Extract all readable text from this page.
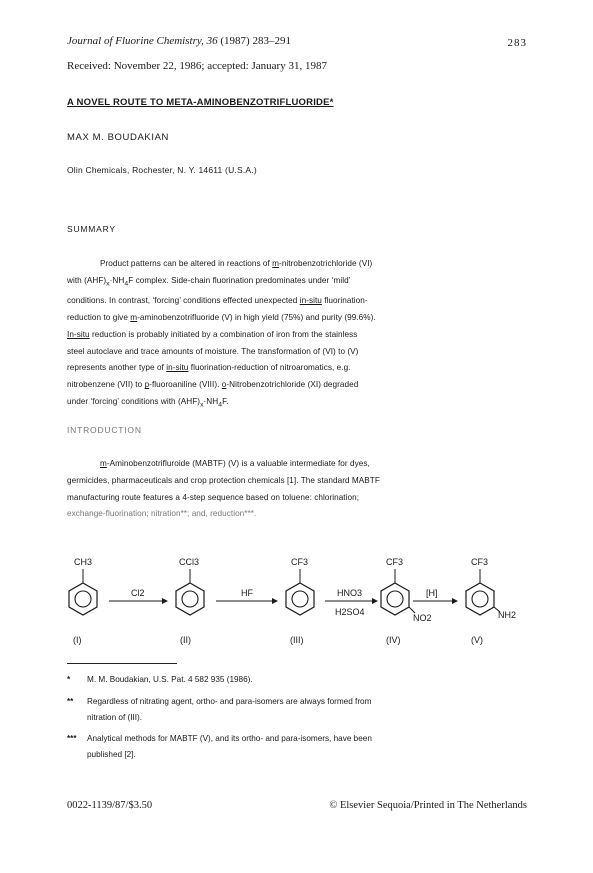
Journal of Fluorine Chemistry, 36 (1987) 283–291	283
Received: November 22, 1986; accepted: January 31, 1987
A NOVEL ROUTE TO META-AMINOBENZOTRIFLUORIDE*
MAX M. BOUDAKIAN
Olin Chemicals, Rochester, N. Y. 14611 (U.S.A.)
SUMMARY

Product patterns can be altered in reactions of m-nitrobenzotrichloride (VI)

with $(AHF)_x\cdot NH_4F$ complex. Side-chain fluorination predominates under ‘mild’

conditions. In contrast, ‘forcing’ conditions effected unexpected in-situ fluorination-

reduction to give m-aminobenzotrifluoride (V) in high yield (75%) and purity (99.6%).

In-situ reduction is probably initiated by a combination of iron from the stainless

steel autoclave and trace amounts of moisture. The transformation of (VI) to (V)

represents another type of in-situ fluorination-reduction of nitroaromatics, e.g.

nitrobenzene (VII) to p-fluoroaniline (VIII). o-Nitrobenzotrichloride (XI) degraded

under ‘forcing’ conditions with $(AHF)_x\cdot NH_4F$.

INTRODUCTION

m-Aminobenzotrifluroide (MABTF) (V) is a valuable intermediate for dyes,

germicides, pharmaceuticals and crop protection chemicals [1]. The standard MABTF

manufacturing route features a 4-step sequence based on toluene: chlorination;

exchange-fluorination; nitration**; and, reduction***.

CH3
(I)
Cl2
CCl3
(II)
HF
CF3
(III)
HNO3
H2SO4
CF3
NO2
(IV)
[H]
CF3
NH2
(V)
* M. M. Boudakian, U.S. Pat. 4 582 935 (1986).
** Regardless of nitrating agent, ortho- and para-isomers are always formed from
nitration of (III).
*** Analytical methods for MABTF (V), and its ortho- and para-isomers, have been
published [2].
0022-1139/87/$3.50	© Elsevier Sequoia/Printed in The Netherlands
